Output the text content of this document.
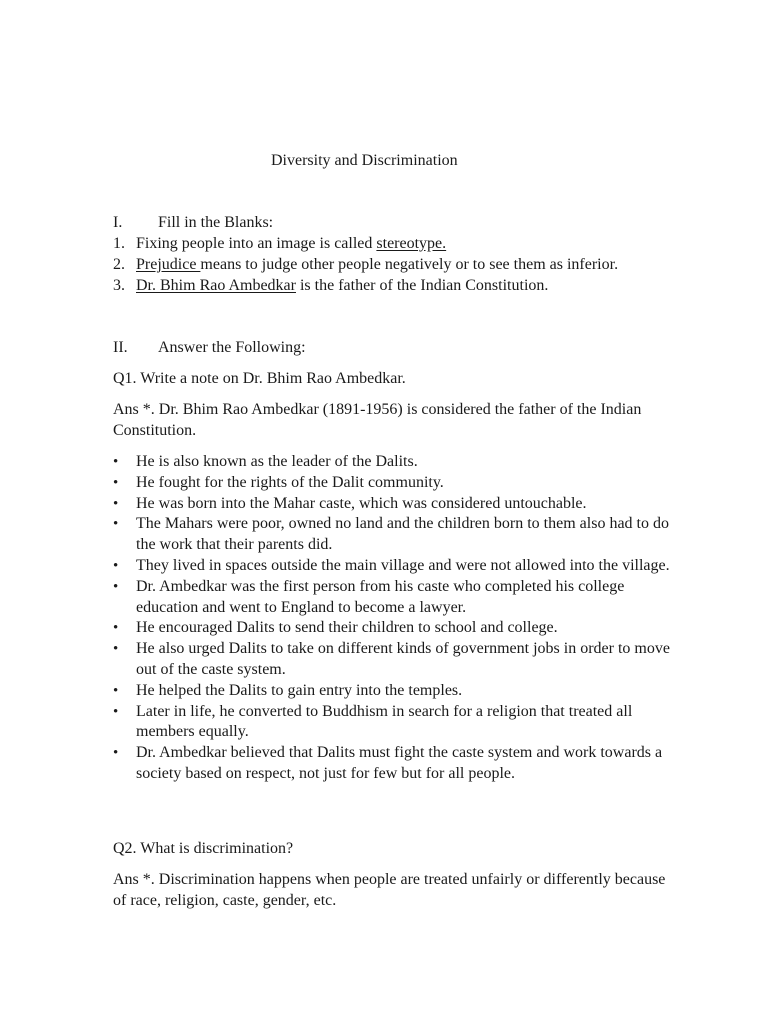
Diversity and Discrimination
I. Fill in the Blanks:
1. Fixing people into an image is called stereotype.
2. Prejudice means to judge other people negatively or to see them as inferior.
3. Dr. Bhim Rao Ambedkar is the father of the Indian Constitution.
II. Answer the Following:
Q1. Write a note on Dr. Bhim Rao Ambedkar.
Ans *. Dr. Bhim Rao Ambedkar (1891-1956) is considered the father of the Indian
Constitution.
• He is also known as the leader of the Dalits.
• He fought for the rights of the Dalit community.
• He was born into the Mahar caste, which was considered untouchable.
• The Mahars were poor, owned no land and the children born to them also had to do the work that their parents did.
• They lived in spaces outside the main village and were not allowed into the village.
• Dr. Ambedkar was the first person from his caste who completed his college education and went to England to become a lawyer.
• He encouraged Dalits to send their children to school and college.
• He also urged Dalits to take on different kinds of government jobs in order to move out of the caste system.
• He helped the Dalits to gain entry into the temples.
• Later in life, he converted to Buddhism in search for a religion that treated all members equally.
• Dr. Ambedkar believed that Dalits must fight the caste system and work towards a society based on respect, not just for few but for all people.
Q2. What is discrimination?
Ans *. Discrimination happens when people are treated unfairly or differently because
of race, religion, caste, gender, etc.
